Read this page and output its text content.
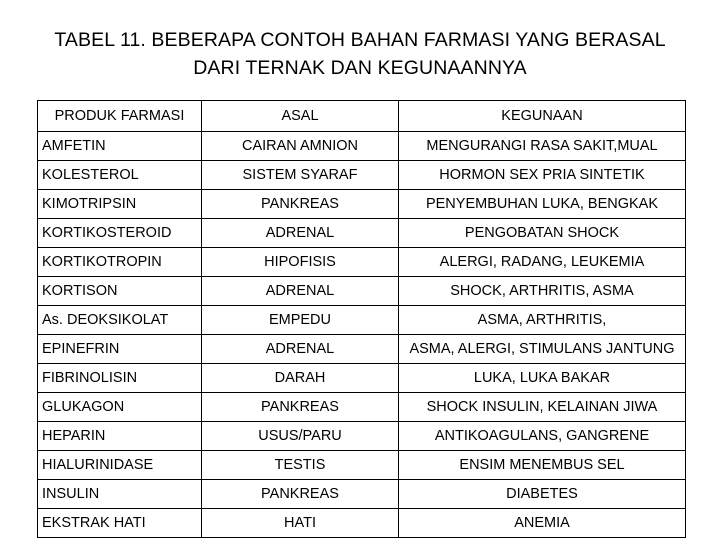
TABEL 11. BEBERAPA CONTOH BAHAN FARMASI YANG BERASAL
DARI TERNAK DAN KEGUNAANNYA
PRODUK FARMASI	ASAL	KEGUNAAN
AMFETIN	CAIRAN AMNION	MENGURANGI RASA SAKIT,MUAL
KOLESTEROL	SISTEM SYARAF	HORMON SEX PRIA SINTETIK
KIMOTRIPSIN	PANKREAS	PENYEMBUHAN LUKA, BENGKAK
KORTIKOSTEROID	ADRENAL	PENGOBATAN SHOCK
KORTIKOTROPIN	HIPOFISIS	ALERGI, RADANG, LEUKEMIA
KORTISON	ADRENAL	SHOCK, ARTHRITIS, ASMA
As. DEOKSIKOLAT	EMPEDU	ASMA, ARTHRITIS,
EPINEFRIN	ADRENAL	ASMA, ALERGI, STIMULANS JANTUNG
FIBRINOLISIN	DARAH	LUKA, LUKA BAKAR
GLUKAGON	PANKREAS	SHOCK INSULIN, KELAINAN JIWA
HEPARIN	USUS/PARU	ANTIKOAGULANS, GANGRENE
HIALURINIDASE	TESTIS	ENSIM MENEMBUS SEL
INSULIN	PANKREAS	DIABETES
EKSTRAK HATI	HATI	ANEMIA
